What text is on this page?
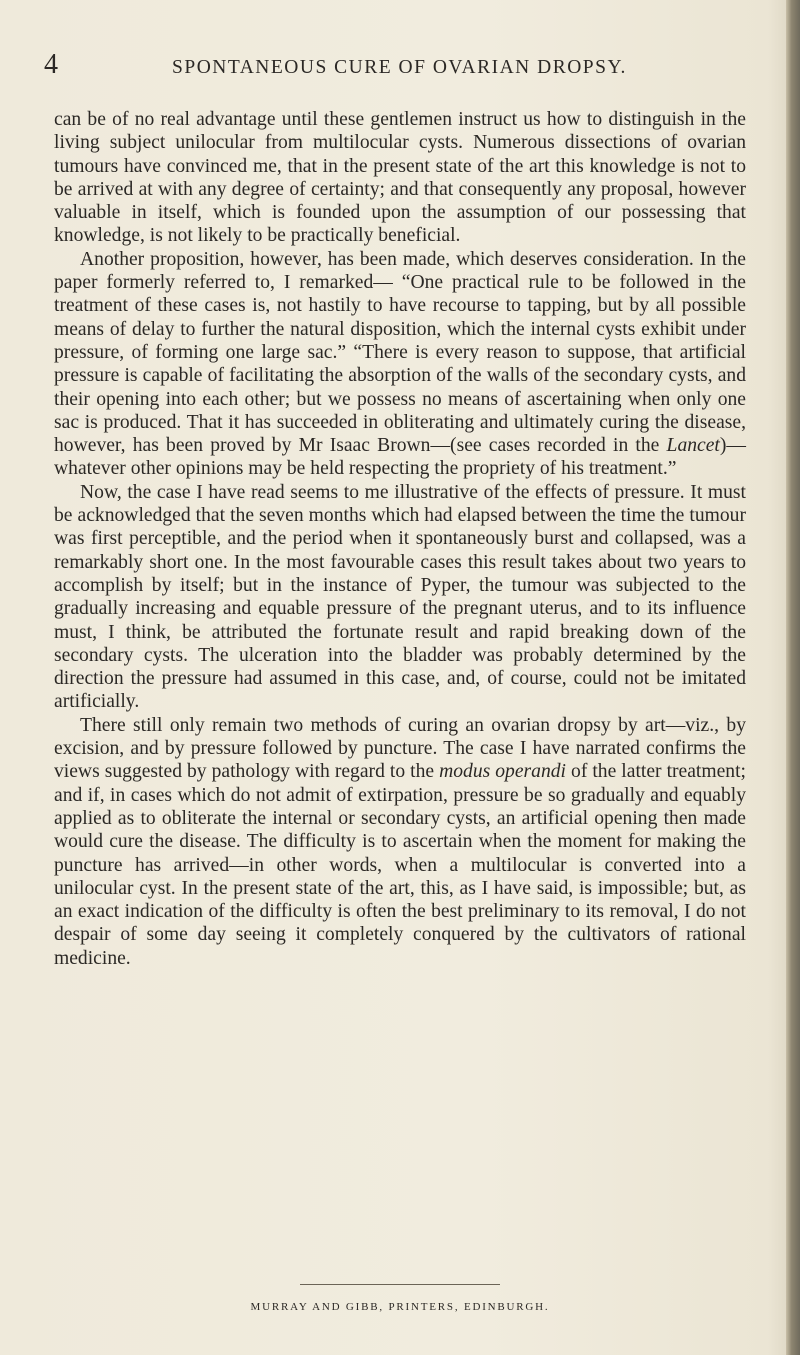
4	SPONTANEOUS CURE OF OVARIAN DROPSY.

can be of no real advantage until these gentlemen instruct us how to distinguish in the living subject unilocular from multilocular cysts. Numerous dissections of ovarian tumours have convinced me, that in the present state of the art this knowledge is not to be arrived at with any degree of certainty; and that consequently any proposal, however valuable in itself, which is founded upon the assumption of our possessing that knowledge, is not likely to be practically beneficial.

Another proposition, however, has been made, which deserves consideration. In the paper formerly referred to, I remarked— “One practical rule to be followed in the treatment of these cases is, not hastily to have recourse to tapping, but by all possible means of delay to further the natural disposition, which the internal cysts exhibit under pressure, of forming one large sac.” “There is every reason to suppose, that artificial pressure is capable of facilitating the absorption of the walls of the secondary cysts, and their opening into each other; but we possess no means of ascertaining when only one sac is produced. That it has succeeded in obliterating and ultimately curing the disease, however, has been proved by Mr Isaac Brown—(see cases recorded in the Lancet)—whatever other opinions may be held respecting the propriety of his treatment.”

Now, the case I have read seems to me illustrative of the effects of pressure. It must be acknowledged that the seven months which had elapsed between the time the tumour was first perceptible, and the period when it spontaneously burst and collapsed, was a remarkably short one. In the most favourable cases this result takes about two years to accomplish by itself; but in the instance of Pyper, the tumour was subjected to the gradually increasing and equable pressure of the pregnant uterus, and to its influence must, I think, be attributed the fortunate result and rapid breaking down of the secondary cysts. The ulceration into the bladder was probably determined by the direction the pressure had assumed in this case, and, of course, could not be imitated artificially.

There still only remain two methods of curing an ovarian dropsy by art—viz., by excision, and by pressure followed by puncture. The case I have narrated confirms the views suggested by pathology with regard to the modus operandi of the latter treatment; and if, in cases which do not admit of extirpation, pressure be so gradually and equably applied as to obliterate the internal or secondary cysts, an artificial opening then made would cure the disease. The difficulty is to ascertain when the moment for making the puncture has arrived—in other words, when a multilocular is converted into a unilocular cyst. In the present state of the art, this, as I have said, is impossible; but, as an exact indication of the difficulty is often the best preliminary to its removal, I do not despair of some day seeing it completely conquered by the cultivators of rational medicine.

MURRAY AND GIBB, PRINTERS, EDINBURGH.
